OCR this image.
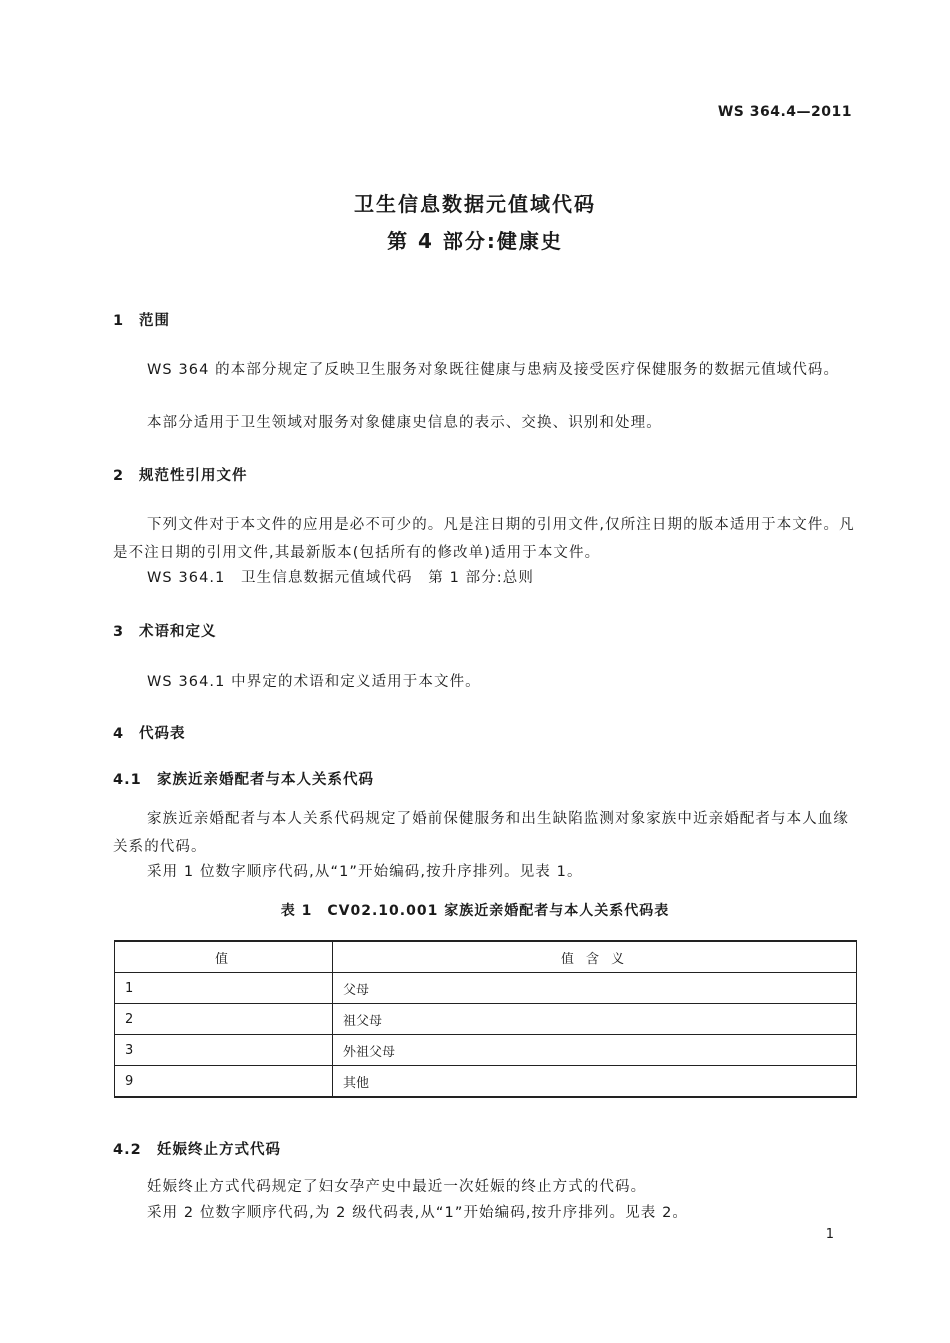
WS 364.4—2011
卫生信息数据元值域代码
第 4 部分:健康史
1 范围
WS 364 的本部分规定了反映卫生服务对象既往健康与患病及接受医疗保健服务的数据元值域代码。
本部分适用于卫生领域对服务对象健康史信息的表示、交换、识别和处理。
2 规范性引用文件
下列文件对于本文件的应用是必不可少的。凡是注日期的引用文件,仅所注日期的版本适用于本文件。凡是不注日期的引用文件,其最新版本(包括所有的修改单)适用于本文件。
WS 364.1　卫生信息数据元值域代码　第 1 部分:总则
3 术语和定义
WS 364.1 中界定的术语和定义适用于本文件。
4 代码表
4.1 家族近亲婚配者与本人关系代码
家族近亲婚配者与本人关系代码规定了婚前保健服务和出生缺陷监测对象家族中近亲婚配者与本人血缘关系的代码。
采用 1 位数字顺序代码,从“1”开始编码,按升序排列。见表 1。
表 1　CV02.10.001 家族近亲婚配者与本人关系代码表
值	值 含 义
1	父母
2	祖父母
3	外祖父母
9	其他
4.2 妊娠终止方式代码
妊娠终止方式代码规定了妇女孕产史中最近一次妊娠的终止方式的代码。
采用 2 位数字顺序代码,为 2 级代码表,从“1”开始编码,按升序排列。见表 2。
1
